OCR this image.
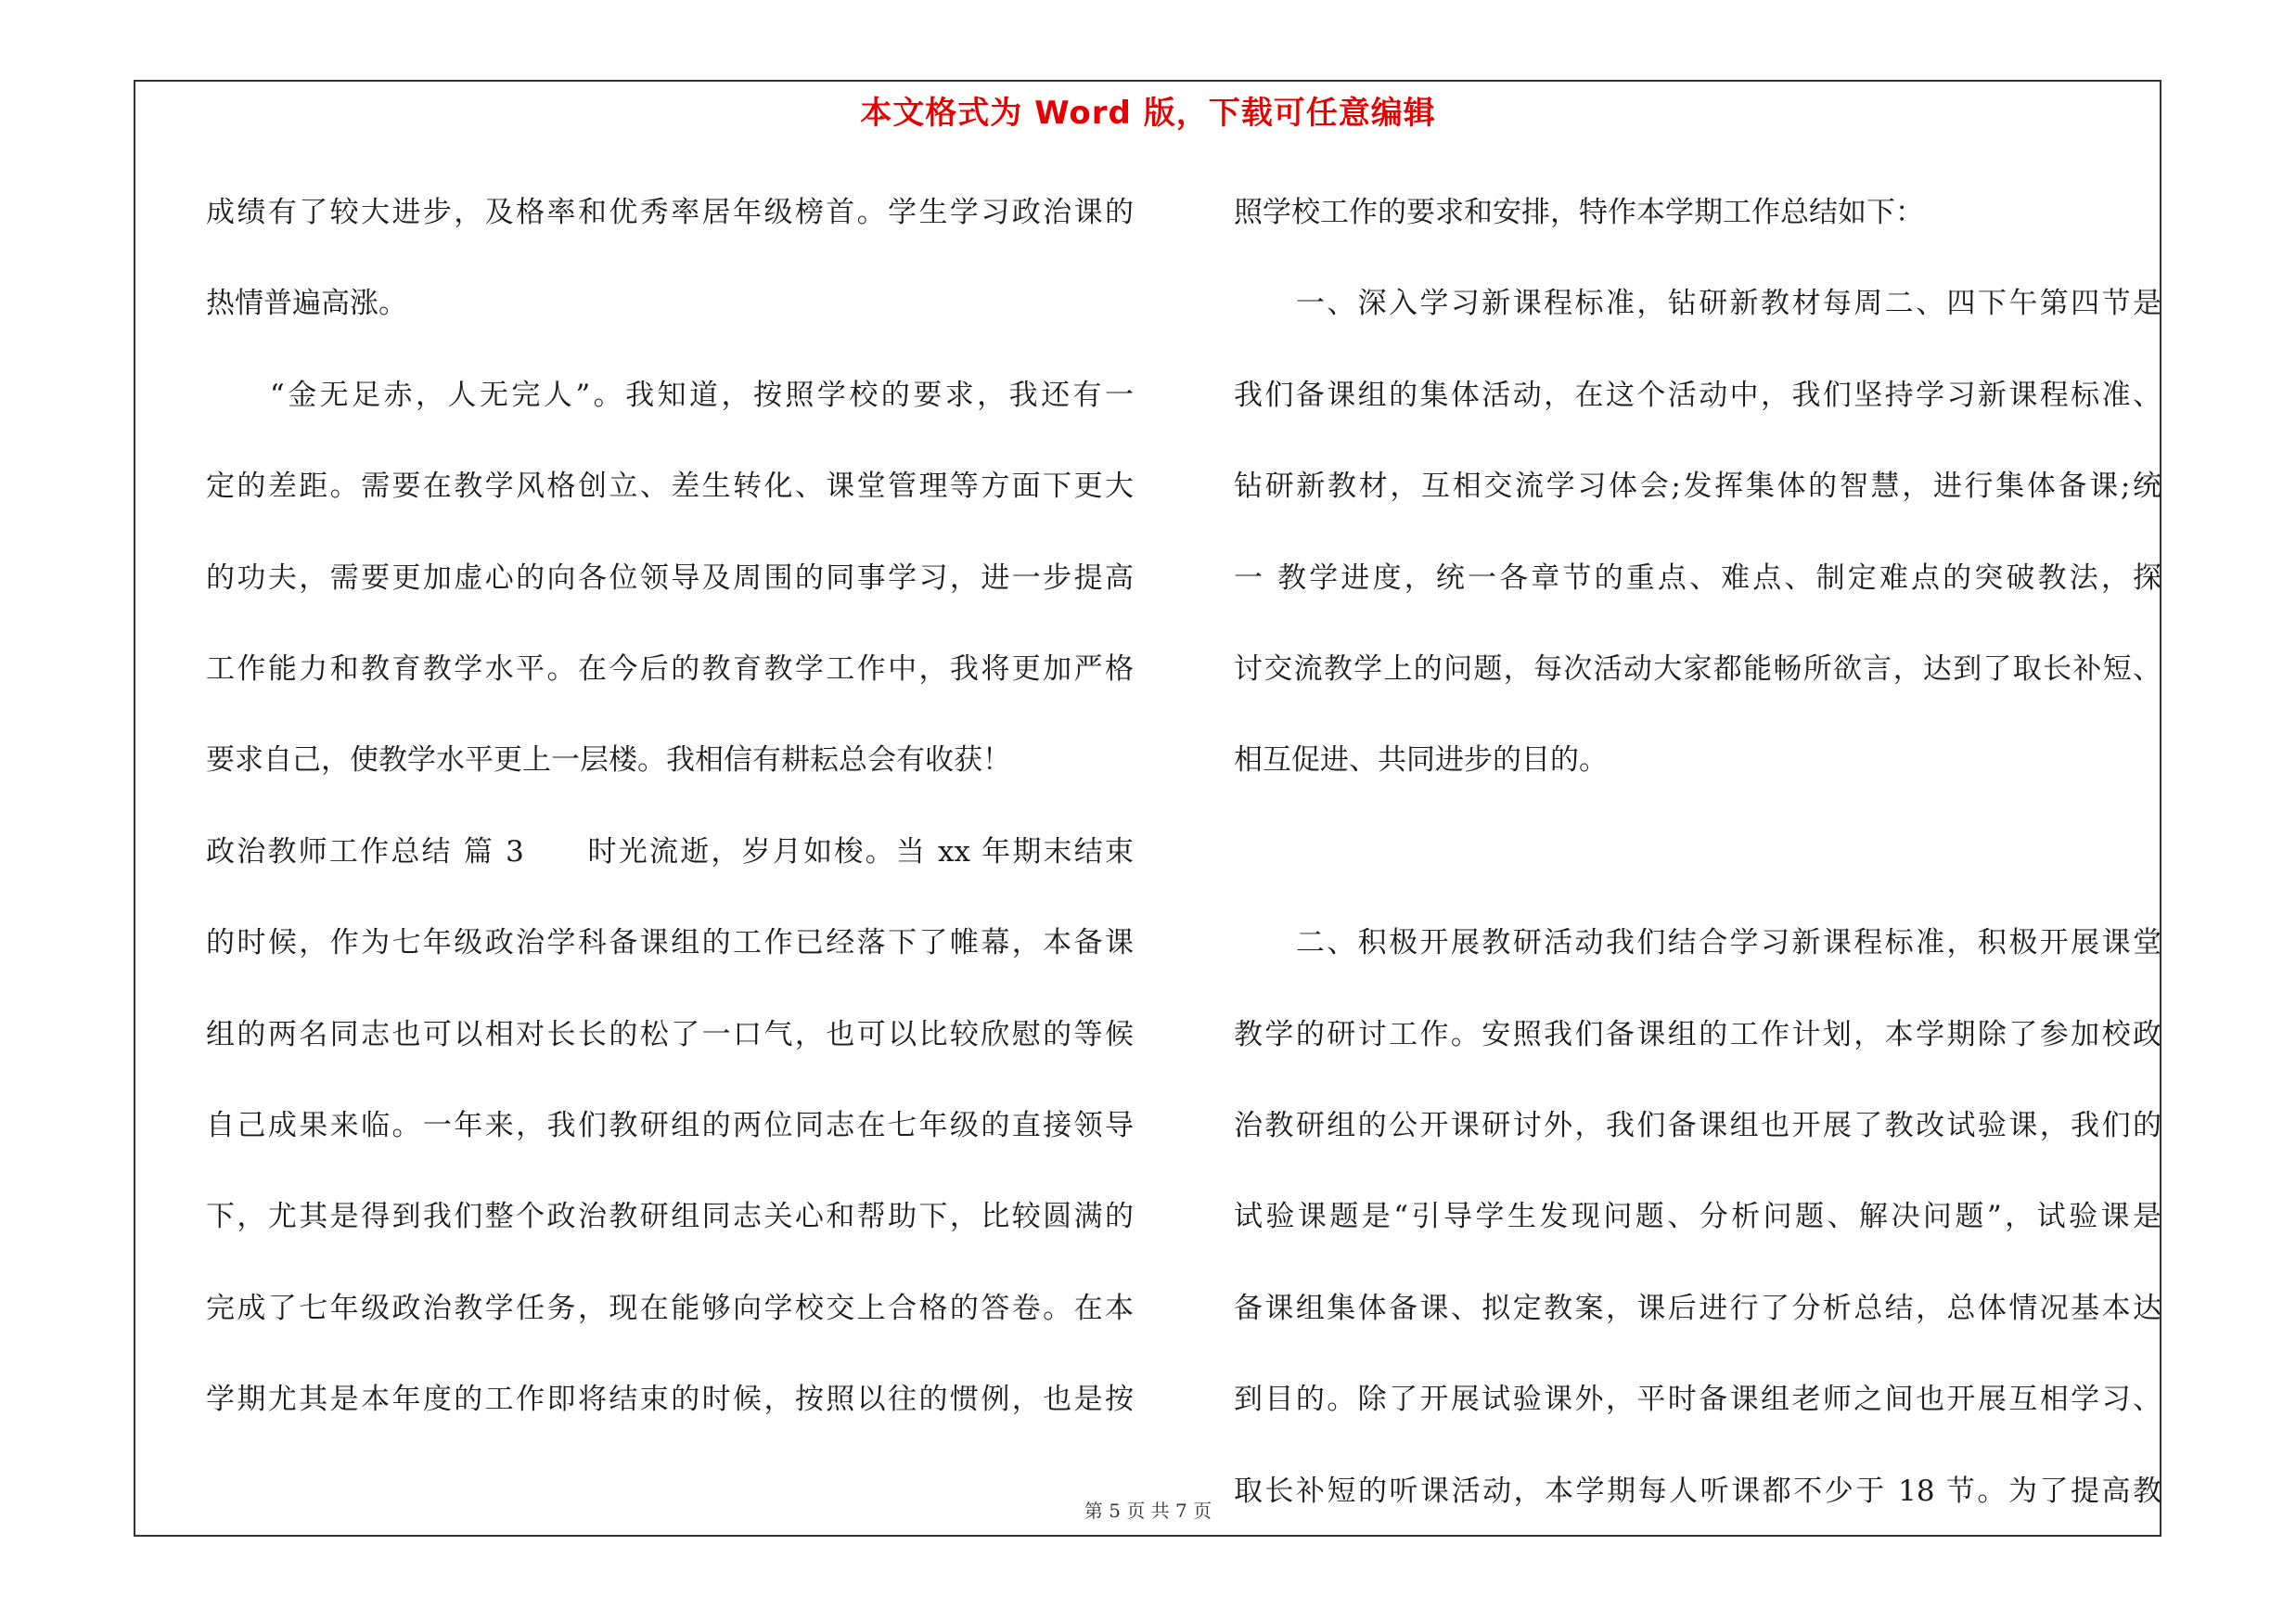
本文格式为 Word 版，下载可任意编辑

成绩有了较大进步，及格率和优秀率居年级榜首。学生学习政治课的

热情普遍高涨。

　　“金无足赤，人无完人”。我知道，按照学校的要求，我还有一

定的差距。需要在教学风格创立、差生转化、课堂管理等方面下更大

的功夫，需要更加虚心的向各位领导及周围的同事学习，进一步提高

工作能力和教育教学水平。在今后的教育教学工作中，我将更加严格

要求自己，使教学水平更上一层楼。我相信有耕耘总会有收获！

政治教师工作总结 篇 3　　时光流逝，岁月如梭。当 xx 年期末结束

的时候，作为七年级政治学科备课组的工作已经落下了帷幕，本备课

组的两名同志也可以相对长长的松了一口气，也可以比较欣慰的等候

自己成果来临。一年来，我们教研组的两位同志在七年级的直接领导

下，尤其是得到我们整个政治教研组同志关心和帮助下，比较圆满的

完成了七年级政治教学任务，现在能够向学校交上合格的答卷。在本

学期尤其是本年度的工作即将结束的时候，按照以往的惯例，也是按

照学校工作的要求和安排，特作本学期工作总结如下：

　　一、深入学习新课程标准，钻研新教材每周二、四下午第四节是

我们备课组的集体活动，在这个活动中，我们坚持学习新课程标准、

钻研新教材，互相交流学习体会;发挥集体的智慧，进行集体备课;统

一 教学进度，统一各章节的重点、难点、制定难点的突破教法，探

讨交流教学上的问题，每次活动大家都能畅所欲言，达到了取长补短、

相互促进、共同进步的目的。

　　二、积极开展教研活动我们结合学习新课程标准，积极开展课堂

教学的研讨工作。安照我们备课组的工作计划，本学期除了参加校政

治教研组的公开课研讨外，我们备课组也开展了教改试验课，我们的

试验课题是“引导学生发现问题、分析问题、解决问题”，试验课是

备课组集体备课、拟定教案，课后进行了分析总结，总体情况基本达

到目的。除了开展试验课外，平时备课组老师之间也开展互相学习、

取长补短的听课活动，本学期每人听课都不少于 18 节。为了提高教

第 5 页 共 7 页
